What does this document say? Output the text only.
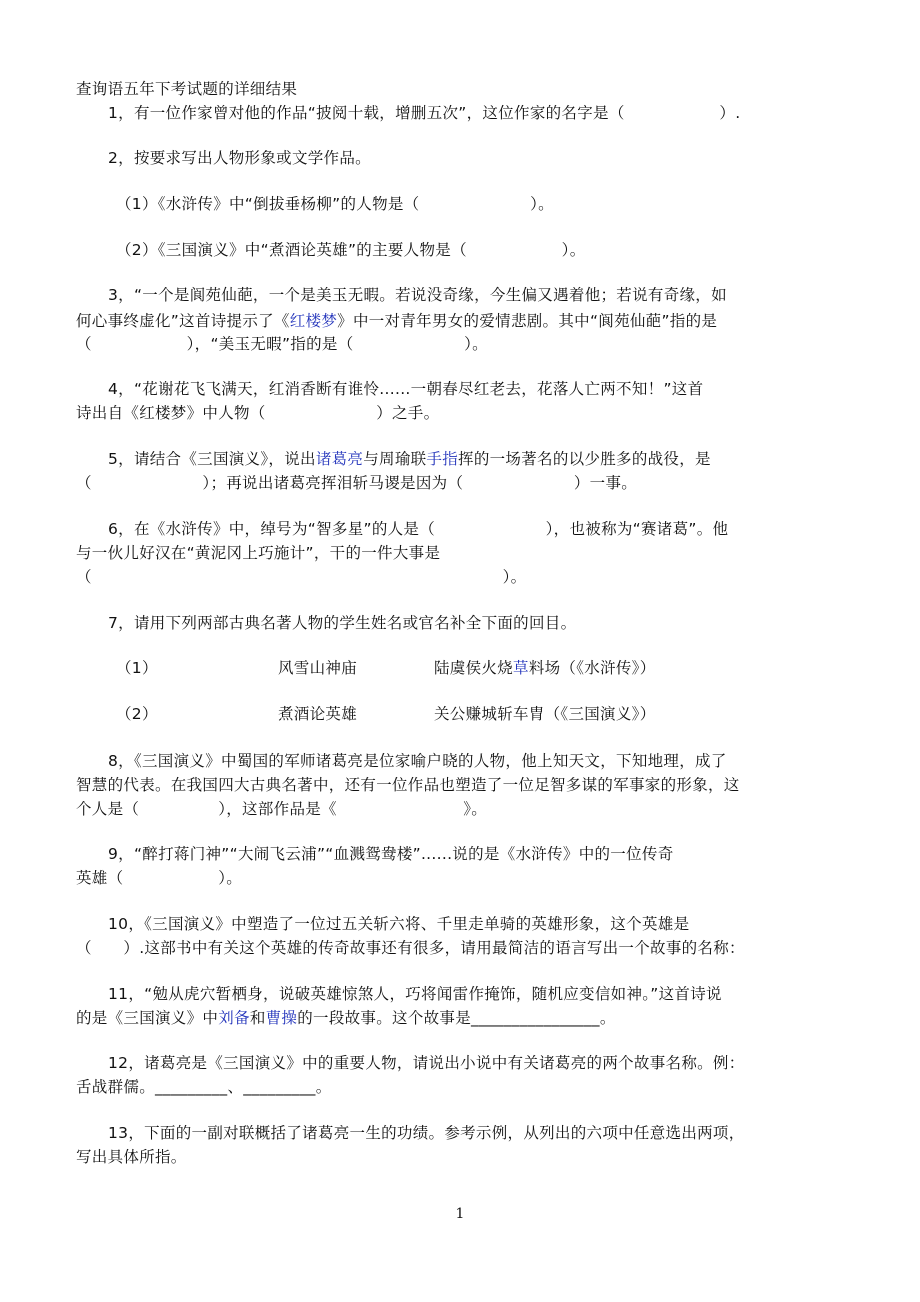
查询语五年下考试题的详细结果
1，有一位作家曾对他的作品“披阅十载，增删五次”，这位作家的名字是（　　　　　　）.
2，按要求写出人物形象或文学作品。
（1）《水浒传》中“倒拔垂杨柳”的人物是（　　　　　　　）。
（2）《三国演义》中“煮酒论英雄”的主要人物是（　　　　　　）。
3，“一个是阆苑仙葩，一个是美玉无暇。若说没奇缘，今生偏又遇着他；若说有奇缘，如
何心事终虚化”这首诗提示了《红楼梦》中一对青年男女的爱情悲剧。其中“阆苑仙葩”指的是
（　　　　　　），“美玉无暇”指的是（　　　　　　　）。
4，“花谢花飞飞满天，红消香断有谁怜......一朝春尽红老去，花落人亡两不知！”这首
诗出自《红楼梦》中人物（　　　　　　　）之手。
5，请结合《三国演义》，说出诸葛亮与周瑜联手指挥的一场著名的以少胜多的战役，是
（　　　　　　　）；再说出诸葛亮挥泪斩马谡是因为（　　　　　　　）一事。
6，在《水浒传》中，绰号为“智多星”的人是（　　　　　　　），也被称为“赛诸葛”。他
与一伙儿好汉在“黄泥冈上巧施计”，干的一件大事是
（　　　　　　　　　　　　　　　　　　　　　　　　　　）。
7，请用下列两部古典名著人物的学生姓名或官名补全下面的回目。
（1）	风雪山神庙	陆虞侯火烧草料场（《水浒传》）
（2）	煮酒论英雄	关公赚城斩车胄（《三国演义》）
8，《三国演义》中蜀国的军师诸葛亮是位家喻户晓的人物，他上知天文，下知地理，成了
智慧的代表。在我国四大古典名著中，还有一位作品也塑造了一位足智多谋的军事家的形象，这
个人是（　　　　　），这部作品是《　　　　　　　　》。
9，“醉打蒋门神”“大闹飞云浦”“血溅鸳鸯楼”......说的是《水浒传》中的一位传奇
英雄（　　　　　　）。
10，《三国演义》中塑造了一位过五关斩六将、千里走单骑的英雄形象，这个英雄是
（　　）.这部书中有关这个英雄的传奇故事还有很多，请用最简洁的语言写出一个故事的名称：
11，“勉从虎穴暂栖身，说破英雄惊煞人，巧将闻雷作掩饰，随机应变信如神。”这首诗说
的是《三国演义》中刘备和曹操的一段故事。这个故事是________________。
12，诸葛亮是《三国演义》中的重要人物，请说出小说中有关诸葛亮的两个故事名称。例：
舌战群儒。_________、_________。
13，下面的一副对联概括了诸葛亮一生的功绩。参考示例，从列出的六项中任意选出两项，
写出具体所指。
1
